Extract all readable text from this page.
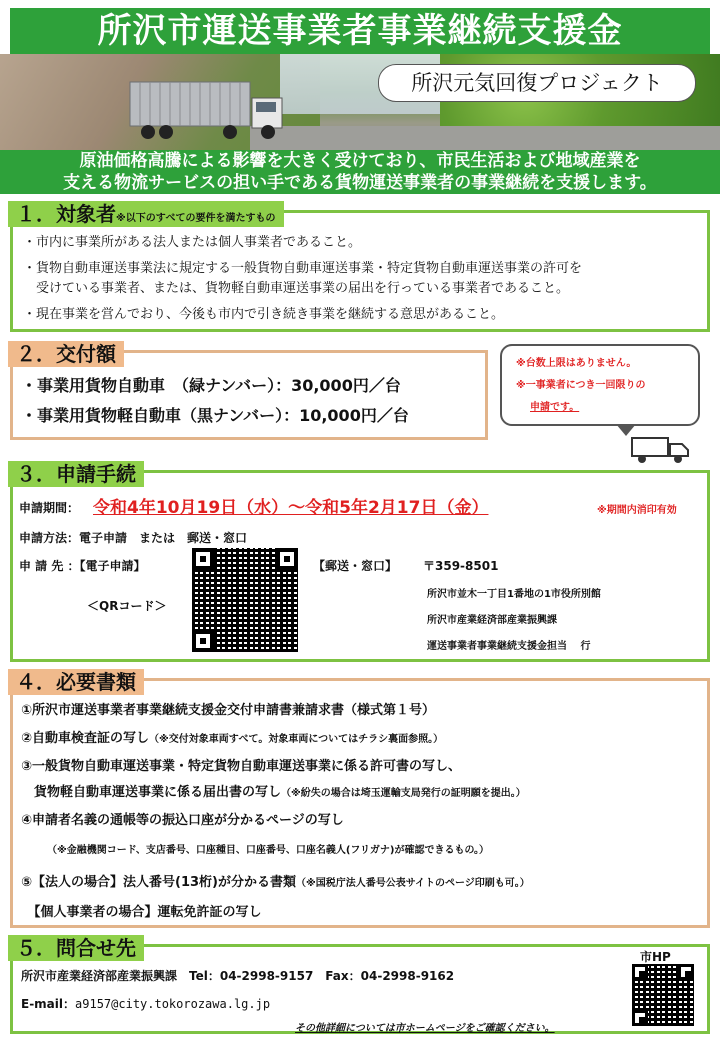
所沢市運送事業者事業継続支援金
所沢元気回復プロジェクト
原油価格高騰による影響を大きく受けており、市民生活および地域産業を
支える物流サービスの担い手である貨物運送事業者の事業継続を支援します。
・市内に事業所がある法人または個人事業者であること。
・貨物自動車運送事業法に規定する一般貨物自動車運送事業・特定貨物自動車運送事業の許可を
　受けている事業者、または、貨物軽自動車運送事業の届出を行っている事業者であること。
・現在事業を営んでおり、今後も市内で引き続き事業を継続する意思があること。
１．対象者※以下のすべての要件を満たすもの
・事業用貨物自動車　（緑ナンバー）：30,000円／台
・事業用貨物軽自動車（黒ナンバー）：10,000円／台
２．交付額	※台数上限はありません。
※一事業者につき一回限りの
申請です。
申請期間： 令和4年10月19日（水）～令和5年2月17日（金）	※期間内消印有効
申請方法：電子申請　または　郵送・窓口
申 請 先 ：【電子申請】	【郵送・窓口】 〒359-8501
＜QRコード＞
所沢市並木一丁目1番地の1市役所別館
所沢市産業経済部産業振興課
運送事業者事業継続支援金担当　 行
３．申請手続
①所沢市運送事業者事業継続支援金交付申請書兼請求書（様式第１号）
②自動車検査証の写し（※交付対象車両すべて。対象車両についてはチラシ裏面参照。）
③一般貨物自動車運送事業・特定貨物自動車運送事業に係る許可書の写し、
　貨物軽自動車運送事業に係る届出書の写し（※紛失の場合は埼玉運輸支局発行の証明願を提出。）
④申請者名義の通帳等の振込口座が分かるページの写し
（※金融機関コード、支店番号、口座種目、口座番号、口座名義人(フリガナ)が確認できるもの。）
⑤【法人の場合】法人番号(13桁)が分かる書類（※国税庁法人番号公表サイトのページ印刷も可。）
　【個人事業者の場合】運転免許証の写し
４．必要書類
所沢市産業経済部産業振興課　Tel：04-2998-9157　Fax：04-2998-9162
E-mail：a9157@city.tokorozawa.lg.jp
その他詳細については市ホームページをご確認ください。
５．問合せ先	市HP
